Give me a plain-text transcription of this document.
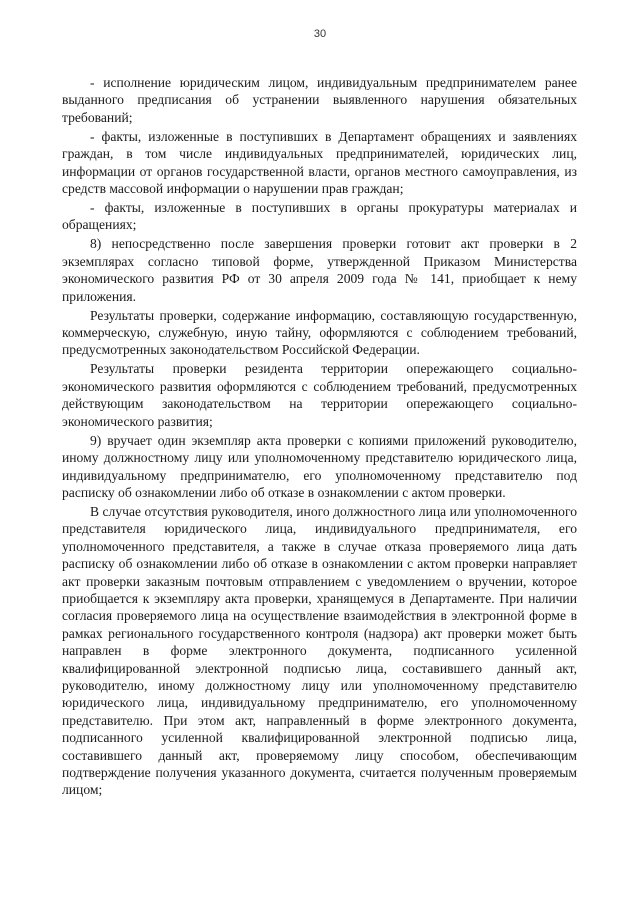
30

- исполнение юридическим лицом, индивидуальным предпринимателем ранее выданного предписания об устранении выявленного нарушения обязательных требований;

- факты, изложенные в поступивших в Департамент обращениях и заявлениях граждан, в том числе индивидуальных предпринимателей, юридических лиц, информации от органов государственной власти, органов местного самоуправления, из средств массовой информации о нарушении прав граждан;

- факты, изложенные в поступивших в органы прокуратуры материалах и обращениях;

8) непосредственно после завершения проверки готовит акт проверки в 2 экземплярах согласно типовой форме, утвержденной Приказом Министерства экономического развития РФ от 30 апреля 2009 года № 141, приобщает к нему приложения.

Результаты проверки, содержание информацию, составляющую государственную, коммерческую, служебную, иную тайну, оформляются с соблюдением требований, предусмотренных законодательством Российской Федерации.

Результаты проверки резидента территории опережающего социально-экономического развития оформляются с соблюдением требований, предусмотренных действующим законодательством на территории опережающего социально-экономического развития;

9) вручает один экземпляр акта проверки с копиями приложений руководителю, иному должностному лицу или уполномоченному представителю юридического лица, индивидуальному предпринимателю, его уполномоченному представителю под расписку об ознакомлении либо об отказе в ознакомлении с актом проверки.

В случае отсутствия руководителя, иного должностного лица или уполномоченного представителя юридического лица, индивидуального предпринимателя, его уполномоченного представителя, а также в случае отказа проверяемого лица дать расписку об ознакомлении либо об отказе в ознакомлении с актом проверки направляет акт проверки заказным почтовым отправлением с уведомлением о вручении, которое приобщается к экземпляру акта проверки, хранящемуся в Департаменте. При наличии согласия проверяемого лица на осуществление взаимодействия в электронной форме в рамках регионального государственного контроля (надзора) акт проверки может быть направлен в форме электронного документа, подписанного усиленной квалифицированной электронной подписью лица, составившего данный акт, руководителю, иному должностному лицу или уполномоченному представителю юридического лица, индивидуальному предпринимателю, его уполномоченному представителю. При этом акт, направленный в форме электронного документа, подписанного усиленной квалифицированной электронной подписью лица, составившего данный акт, проверяемому лицу способом, обеспечивающим подтверждение получения указанного документа, считается полученным проверяемым лицом;
